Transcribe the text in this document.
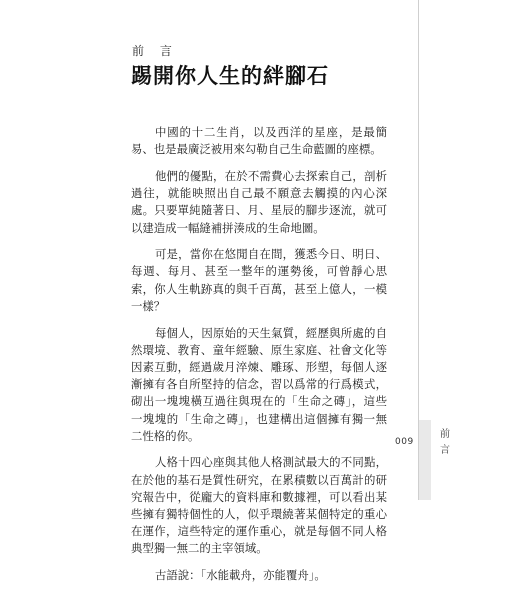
前 言
踢開你人生的絆腳石

中國的十二生肖，以及西洋的星座，是最簡易、也是最廣泛被用來勾勒自己生命藍圖的座標。

他們的優點，在於不需費心去探索自己，剖析過往，就能映照出自己最不願意去觸摸的內心深處。只要單純隨著日、月、星辰的腳步逐流，就可以建造成一幅縫補拼湊成的生命地圖。

可是，當你在悠閒自在間，獲悉今日、明日、每週、每月、甚至一整年的運勢後，可曾靜心思索，你人生軌跡真的與千百萬，甚至上億人，一模一樣？

每個人，因原始的天生氣質，經歷與所處的自然環境、教育、童年經驗、原生家庭、社會文化等因素互動，經過歲月淬煉、雕琢、形塑，每個人逐漸擁有各自所堅持的信念，習以爲常的行爲模式，砌出一塊塊橫互過往與現在的「生命之磚」，這些一塊塊的「生命之磚」，也建構出這個擁有獨一無二性格的你。

人格十四心座與其他人格測試最大的不同點，在於他的基石是質性研究，在累積數以百萬計的研究報告中，從龐大的資料庫和數據裡，可以看出某些擁有獨特個性的人，似乎環繞著某個特定的重心在運作，這些特定的運作重心，就是每個不同人格典型獨一無二的主宰領域。

古語說：「水能載舟，亦能覆舟」。

前 言
009
